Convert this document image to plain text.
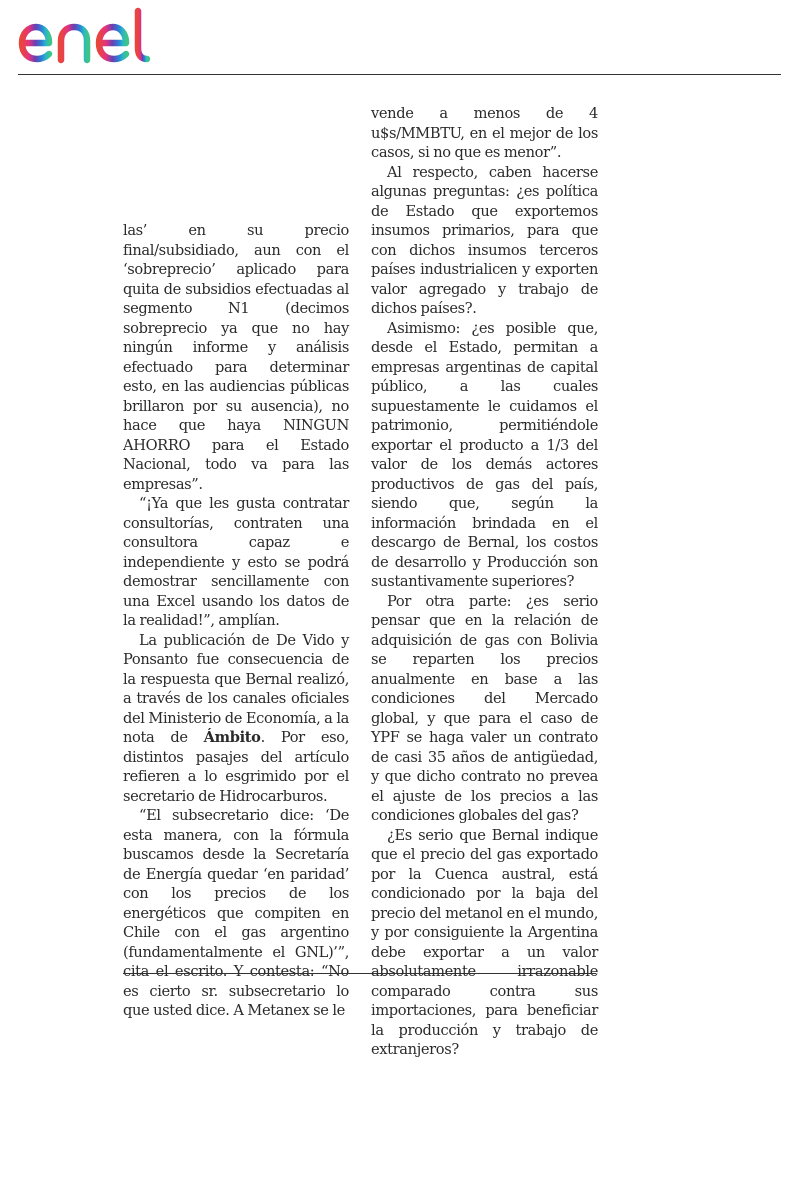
las’ en su precio final/subsidiado, aun con el ‘sobreprecio’ aplicado para quita de subsidios efectuadas al segmento N1 (decimos sobreprecio ya que no hay ningún informe y análisis efectuado para determinar esto, en las audiencias públicas brillaron por su ausencia), no hace que haya NINGUN AHORRO para el Estado Nacional, todo va para las empresas”.

“¡Ya que les gusta contratar consultorías, contraten una consultora capaz e independiente y esto se podrá demostrar sencillamente con una Excel usando los datos de la realidad!”, amplían.

La publicación de De Vido y Ponsanto fue consecuencia de la respuesta que Bernal realizó, a través de los canales oficiales del Ministerio de Economía, a la nota de Ámbito. Por eso, distintos pasajes del artículo refieren a lo esgrimido por el secretario de Hidrocarburos.

“El subsecretario dice: ‘De esta manera, con la fórmula buscamos desde la Secretaría de Energía quedar ‘en paridad’ con los precios de los energéticos que compiten en Chile con el gas argentino (fundamentalmente el GNL)’”, cita el escrito. Y contesta: “No es cierto sr. subsecretario lo que usted dice. A Metanex se le

vende a menos de 4 u$s/MMBTU, en el mejor de los casos, si no que es menor”.

Al respecto, caben hacerse algunas preguntas: ¿es política de Estado que exportemos insumos primarios, para que con dichos insumos terceros países industrialicen y exporten valor agregado y trabajo de dichos países?.

Asimismo: ¿es posible que, desde el Estado, permitan a empresas argentinas de capital público, a las cuales supuestamente le cuidamos el patrimonio, permitiéndole exportar el producto a 1/3 del valor de los demás actores productivos de gas del país, siendo que, según la información brindada en el descargo de Bernal, los costos de desarrollo y Producción son sustantivamente superiores?

Por otra parte: ¿es serio pensar que en la relación de adquisición de gas con Bolivia se reparten los precios anualmente en base a las condiciones del Mercado global, y que para el caso de YPF se haga valer un contrato de casi 35 años de antigüedad, y que dicho contrato no prevea el ajuste de los precios a las condiciones globales del gas?

¿Es serio que Bernal indique que el precio del gas exportado por la Cuenca austral, está condicionado por la baja del precio del metanol en el mundo, y por consiguiente la Argentina debe exportar a un valor absolutamente irrazonable comparado contra sus importaciones, para beneficiar la producción y trabajo de extranjeros?
